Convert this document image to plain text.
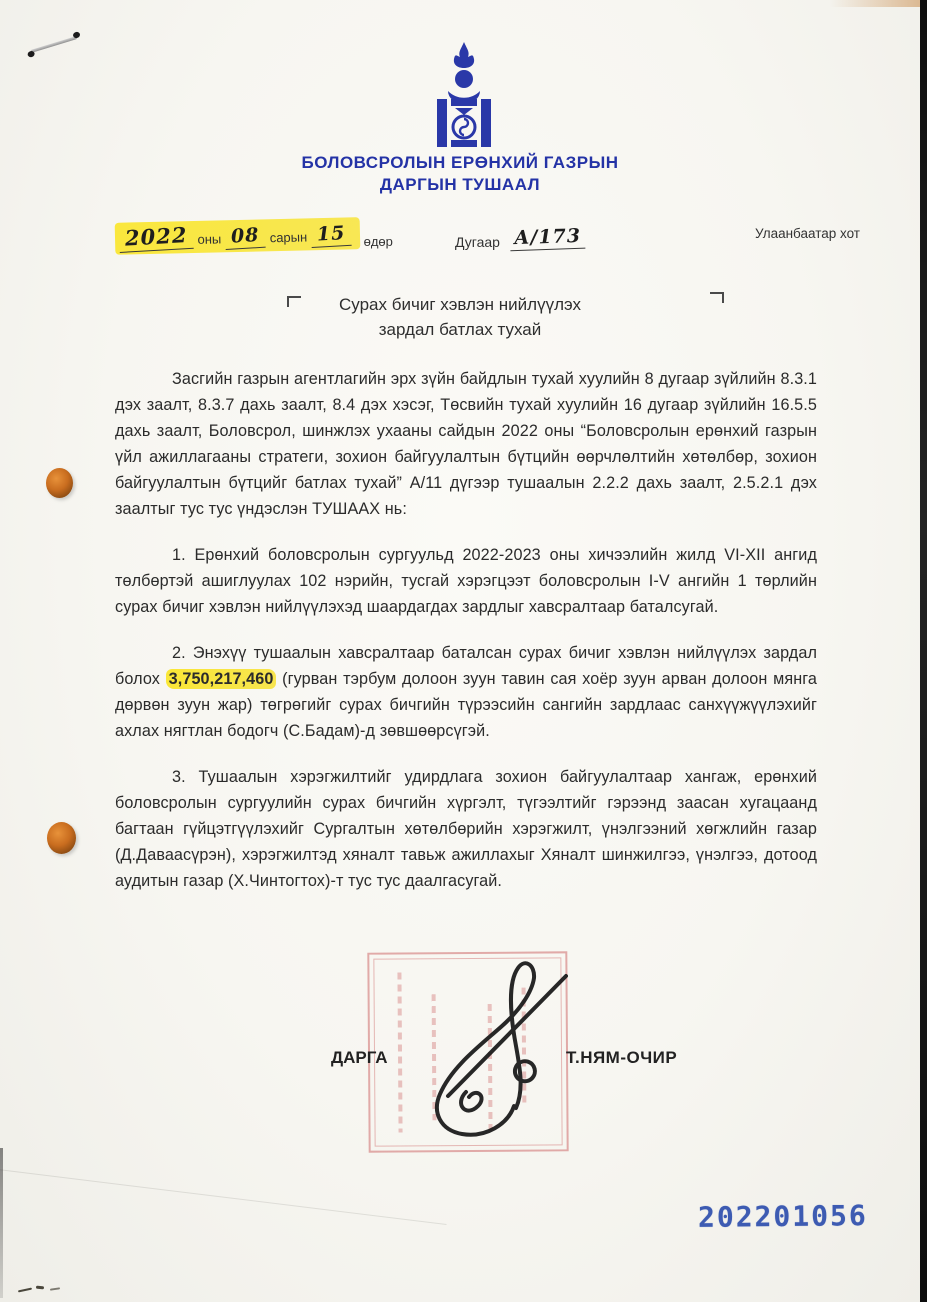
БОЛОВСРОЛЫН ЕРӨНХИЙ ГАЗРЫН
ДАРГЫН ТУШААЛ
2022 оны 08 сарын 15	өдөр	Дугаар А/173	Улаанбаатар хот
Сурах бичиг хэвлэн нийлүүлэх
зардал батлах тухай

Засгийн газрын агентлагийн эрх зүйн байдлын тухай хуулийн 8 дугаар зүйлийн 8.3.1 дэх заалт, 8.3.7 дахь заалт, 8.4 дэх хэсэг, Төсвийн тухай хуулийн 16 дугаар зүйлийн 16.5.5 дахь заалт, Боловсрол, шинжлэх ухааны сайдын 2022 оны “Боловсролын ерөнхий газрын үйл ажиллагааны стратеги, зохион байгуулалтын бүтцийн өөрчлөлтийн хөтөлбөр, зохион байгуулалтын бүтцийг батлах тухай” А/11 дүгээр тушаалын 2.2.2 дахь заалт, 2.5.2.1 дэх заалтыг тус тус үндэслэн ТУШААХ нь:

1. Ерөнхий боловсролын сургуульд 2022-2023 оны хичээлийн жилд VI-XII ангид төлбөртэй ашиглуулах 102 нэрийн, тусгай хэрэгцээт боловсролын I-V ангийн 1 төрлийн сурах бичиг хэвлэн нийлүүлэхэд шаардагдах зардлыг хавсралтаар баталсугай.

2. Энэхүү тушаалын хавсралтаар баталсан сурах бичиг хэвлэн нийлүүлэх зардал болох 3,750,217,460 (гурван тэрбум долоон зуун тавин сая хоёр зуун арван долоон мянга дөрвөн зуун жар) төгрөгийг сурах бичгийн түрээсийн сангийн зардлаас санхүүжүүлэхийг ахлах нягтлан бодогч (С.Бадам)-д зөвшөөрсүгэй.

3. Тушаалын хэрэгжилтийг удирдлага зохион байгуулалтаар хангаж, ерөнхий боловсролын сургуулийн сурах бичгийн хүргэлт, түгээлтийг гэрээнд заасан хугацаанд багтаан гүйцэтгүүлэхийг Сургалтын хөтөлбөрийн хэрэгжилт, үнэлгээний хөгжлийн газар (Д.Даваасүрэн), хэрэгжилтэд хяналт тавьж ажиллахыг Хяналт шинжилгээ, үнэлгээ, дотоод аудитын газар (Х.Чинтогтох)-т тус тус даалгасугай.

ДАРГА	Т.НЯМ-ОЧИР
202201056
